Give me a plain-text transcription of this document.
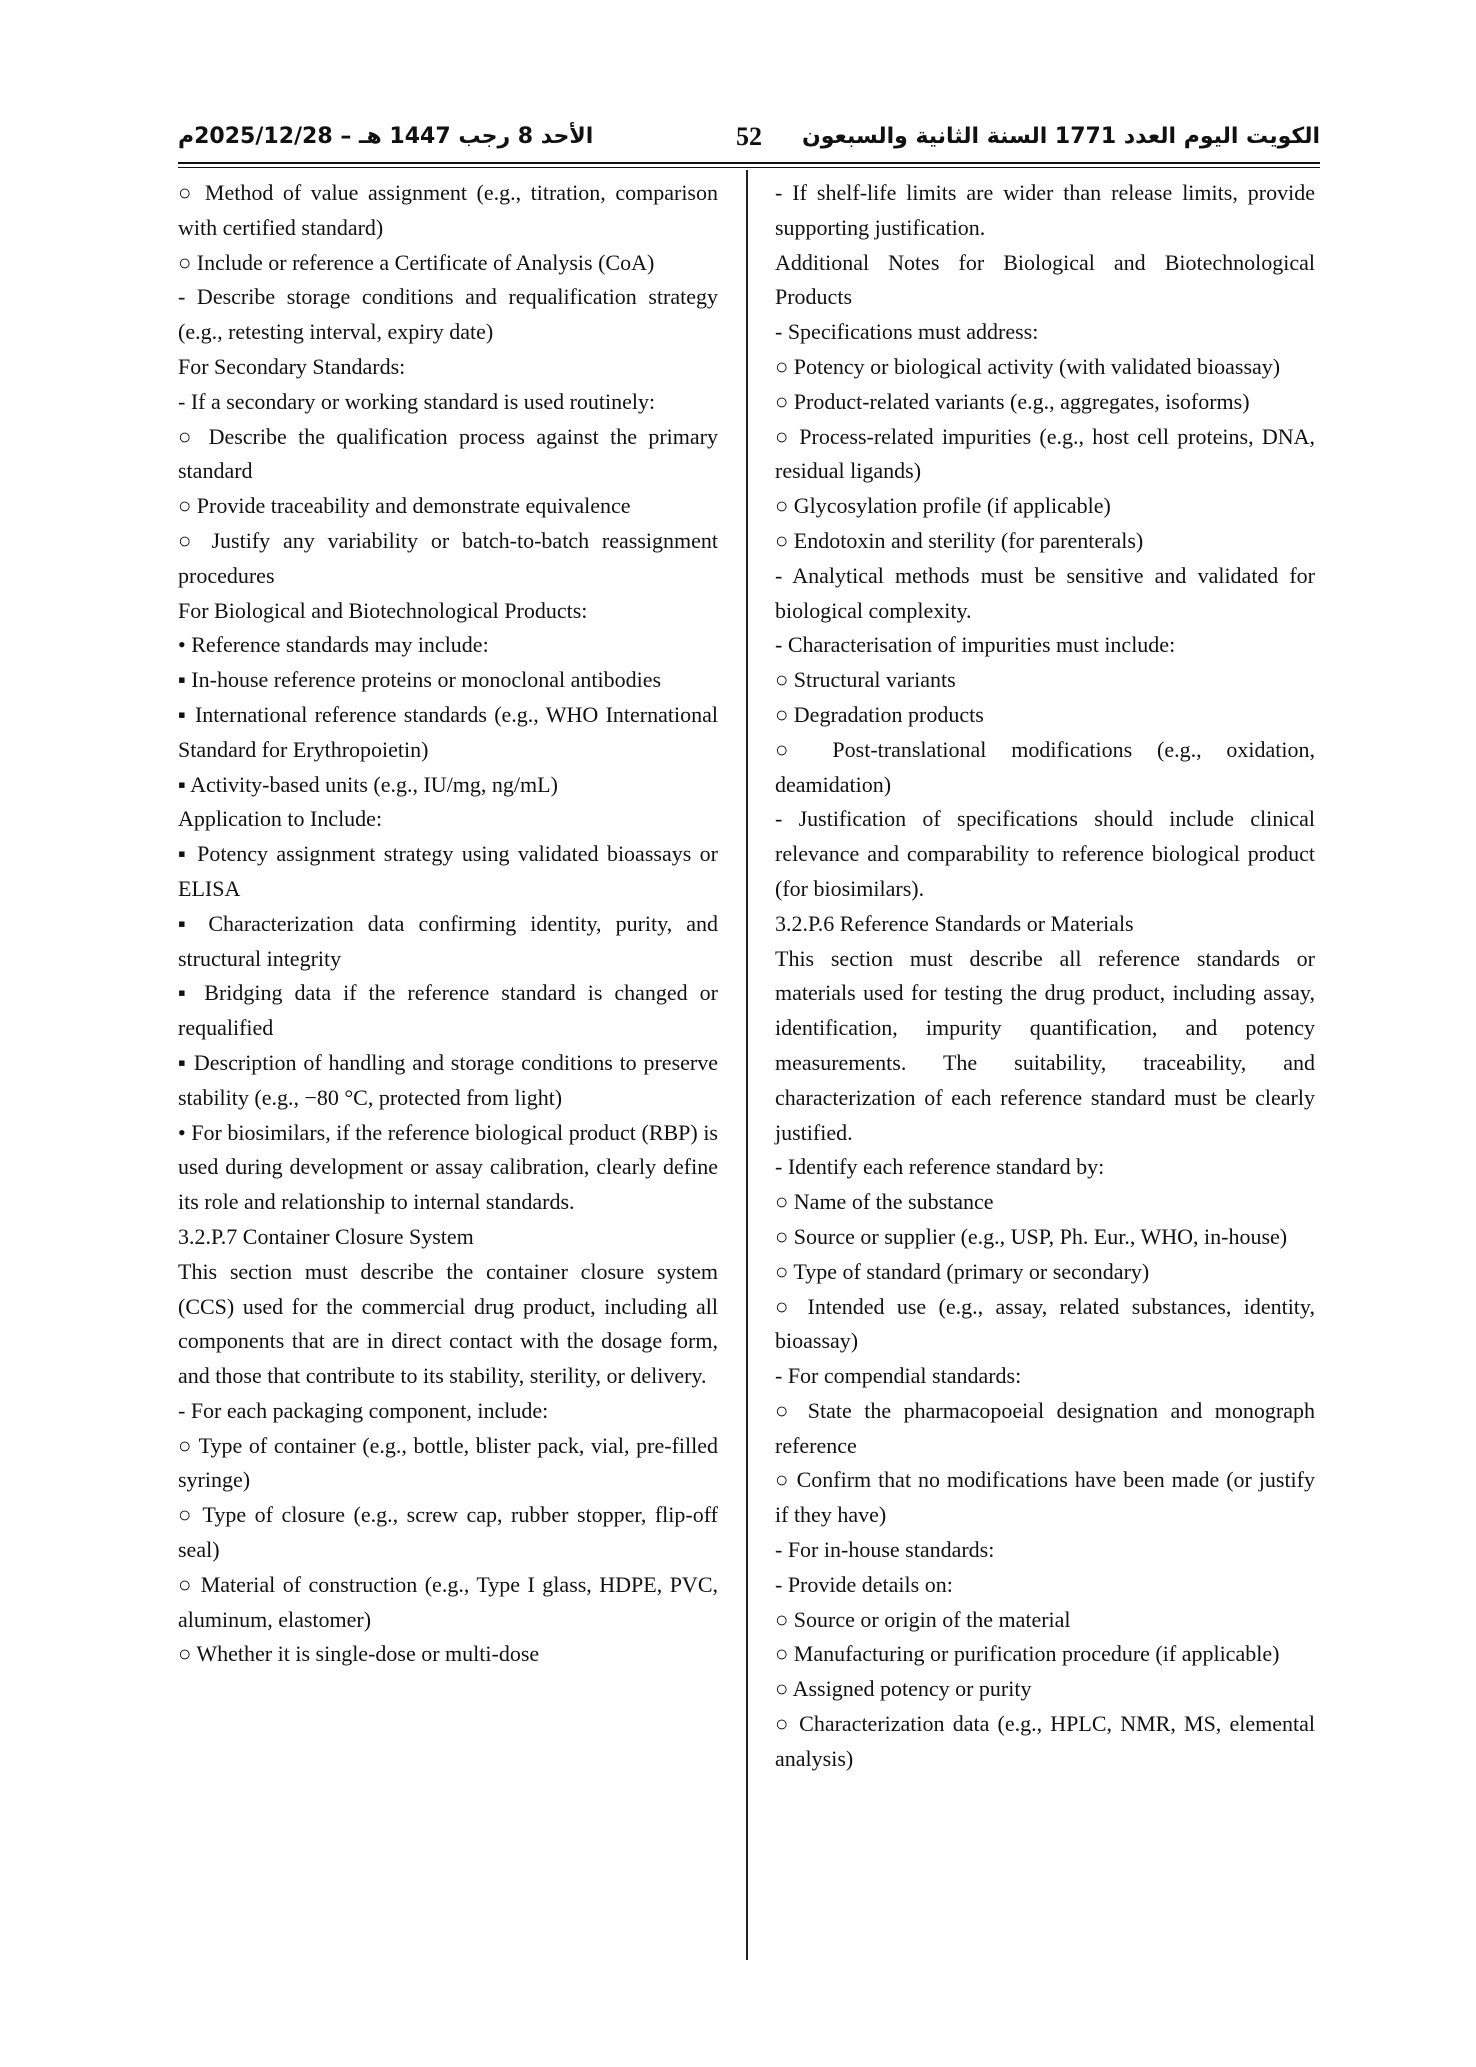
الأحد 8 رجب 1447 هـ – 2025/12/28م	52	الكويت اليوم العدد 1771 السنة الثانية والسبعون

○ Method of value assignment (e.g., titration, comparison with certified standard)

○ Include or reference a Certificate of Analysis (CoA)

- Describe storage conditions and requalification strategy (e.g., retesting interval, expiry date)

For Secondary Standards:

- If a secondary or working standard is used routinely:

○ Describe the qualification process against the primary standard

○ Provide traceability and demonstrate equivalence

○ Justify any variability or batch-to-batch reassignment procedures

For Biological and Biotechnological Products:

• Reference standards may include:

▪ In-house reference proteins or monoclonal antibodies

▪ International reference standards (e.g., WHO International Standard for Erythropoietin)

▪ Activity-based units (e.g., IU/mg, ng/mL)

Application to Include:

▪ Potency assignment strategy using validated bioassays or ELISA

▪ Characterization data confirming identity, purity, and structural integrity

▪ Bridging data if the reference standard is changed or requalified

▪ Description of handling and storage conditions to preserve stability (e.g., −80 °C, protected from light)

• For biosimilars, if the reference biological product (RBP) is used during development or assay calibration, clearly define its role and relationship to internal standards.

3.2.P.7 Container Closure System

This section must describe the container closure system (CCS) used for the commercial drug product, including all components that are in direct contact with the dosage form, and those that contribute to its stability, sterility, or delivery.

- For each packaging component, include:

○ Type of container (e.g., bottle, blister pack, vial, pre-filled syringe)

○ Type of closure (e.g., screw cap, rubber stopper, flip-off seal)

○ Material of construction (e.g., Type I glass, HDPE, PVC, aluminum, elastomer)

○ Whether it is single-dose or multi-dose

- If shelf-life limits are wider than release limits, provide supporting justification.

Additional Notes for Biological and Biotechnological Products

- Specifications must address:

○ Potency or biological activity (with validated bioassay)

○ Product-related variants (e.g., aggregates, isoforms)

○ Process-related impurities (e.g., host cell proteins, DNA, residual ligands)

○ Glycosylation profile (if applicable)

○ Endotoxin and sterility (for parenterals)

- Analytical methods must be sensitive and validated for biological complexity.

- Characterisation of impurities must include:

○ Structural variants

○ Degradation products

○ Post-translational modifications (e.g., oxidation, deamidation)

- Justification of specifications should include clinical relevance and comparability to reference biological product (for biosimilars).

3.2.P.6 Reference Standards or Materials

This section must describe all reference standards or materials used for testing the drug product, including assay, identification, impurity quantification, and potency measurements. The suitability, traceability, and characterization of each reference standard must be clearly justified.

- Identify each reference standard by:

○ Name of the substance

○ Source or supplier (e.g., USP, Ph. Eur., WHO, in-house)

○ Type of standard (primary or secondary)

○ Intended use (e.g., assay, related substances, identity, bioassay)

- For compendial standards:

○ State the pharmacopoeial designation and monograph reference

○ Confirm that no modifications have been made (or justify if they have)

- For in-house standards:

- Provide details on:

○ Source or origin of the material

○ Manufacturing or purification procedure (if applicable)

○ Assigned potency or purity

○ Characterization data (e.g., HPLC, NMR, MS, elemental analysis)
